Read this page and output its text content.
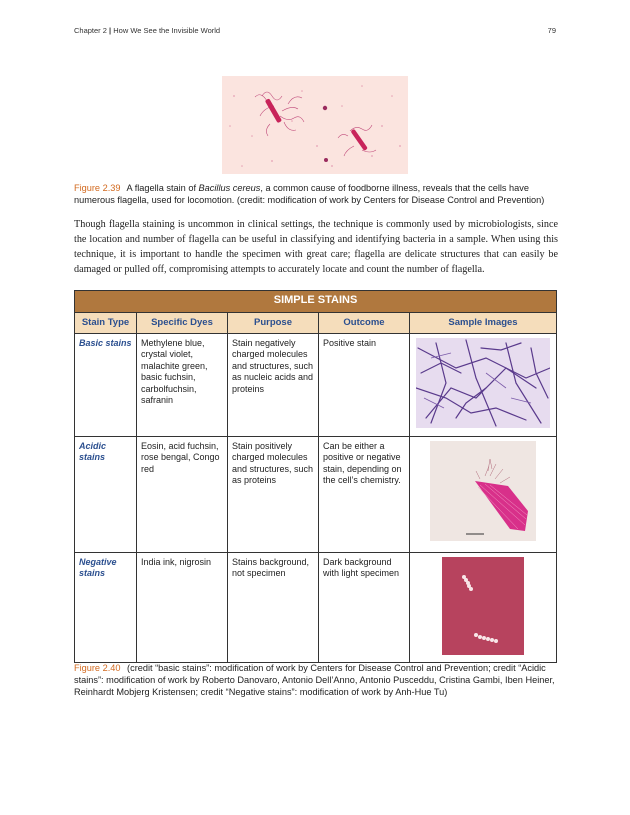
Chapter 2 | How We See the Invisible World	79
Figure 2.39 A flagella stain of Bacillus cereus, a common cause of foodborne illness, reveals that the cells have numerous flagella, used for locomotion. (credit: modification of work by Centers for Disease Control and Prevention)
Though flagella staining is uncommon in clinical settings, the technique is commonly used by microbiologists, since the location and number of flagella can be useful in classifying and identifying bacteria in a sample. When using this technique, it is important to handle the specimen with great care; flagella are delicate structures that can easily be damaged or pulled off, compromising attempts to accurately locate and count the number of flagella.
SIMPLE STAINS				
Stain Type	Specific Dyes	Purpose	Outcome	Sample Images
Basic stains	Methylene blue, crystal violet, malachite green, basic fuchsin, carbolfuchsin, safranin	Stain negatively charged molecules and structures, such as nucleic acids and proteins	Positive stain	
Acidic stains	Eosin, acid fuchsin, rose bengal, Congo red	Stain positively charged molecules and structures, such as proteins	Can be either a positive or negative stain, depending on the cell’s chemistry.	
Negative stains	India ink, nigrosin	Stains background, not specimen	Dark background with light specimen	
Figure 2.40 (credit “basic stains”: modification of work by Centers for Disease Control and Prevention; credit “Acidic stains”: modification of work by Roberto Danovaro, Antonio Dell’Anno, Antonio Pusceddu, Cristina Gambi, Iben Heiner, Reinhardt Mobjerg Kristensen; credit “Negative stains”: modification of work by Anh-Hue Tu)
